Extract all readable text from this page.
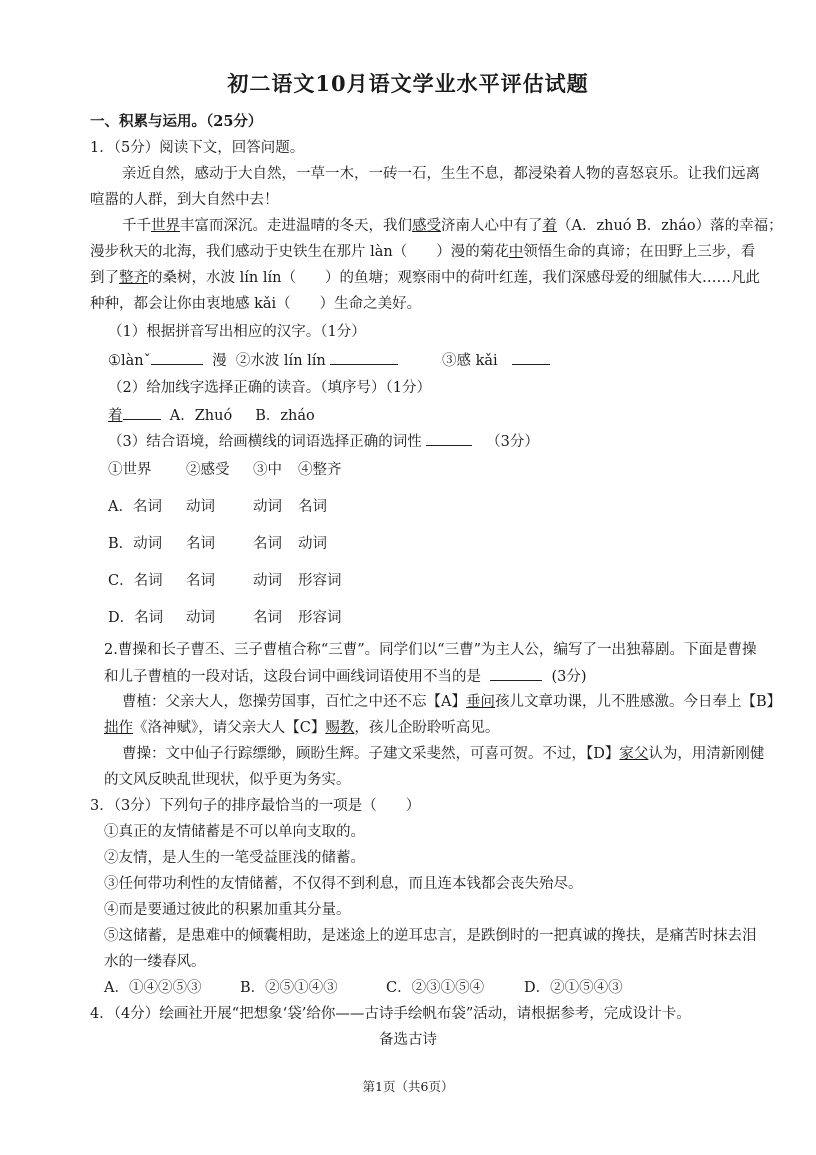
初二语文10月语文学业水平评估试题
一、积累与运用。（25分）
1．（5分）阅读下文，回答问题。
亲近自然，感动于大自然，一草一木，一砖一石，生生不息，都浸染着人物的喜怒哀乐。让我们远离
喧嚣的人群，到大自然中去！
千千世界丰富而深沉。走进温晴的冬天，我们感受济南人心中有了着（A．zhuó B．zháo）落的幸福；
漫步秋天的北海，我们感动于史铁生在那片 làn（　　）漫的菊花中领悟生命的真谛；在田野上三步，看
到了整齐的桑树，水波 lín lín（　　）的鱼塘；观察雨中的荷叶红莲，我们深感母爱的细腻伟大……凡此
种种，都会让你由衷地感 kǎi（　　）生命之美好。
（1）根据拼音写出相应的汉字。（1分）
①lànˇ	漫 ②水波 lín lín	③感 kǎi
（2）给加线字选择正确的读音。（填序号）（1分）
着	A．Zhuó B．zháo
（3）结合语境，给画横线的词语选择正确的词性	（3分）
①世界 ②感受 ③中 ④整齐
A．名词 动词	动词 名词
B．动词 名词	名词 动词
C．名词 名词	动词 形容词
D．名词 动词	名词 形容词
2.曹操和长子曹丕、三子曹植合称“三曹”。同学们以“三曹”为主人公，编写了一出独幕剧。下面是曹操
和儿子曹植的一段对话，这段台词中画线词语使用不当的是	(3分)
曹植：父亲大人，您操劳国事，百忙之中还不忘【A】垂问孩儿文章功课，儿不胜感激。今日奉上【B】
拙作《洛神赋》，请父亲大人【C】赐教，孩儿企盼聆听高见。
曹操：文中仙子行踪缥缈，顾盼生辉。子建文采斐然，可喜可贺。不过，【D】家父认为，用清新刚健
的文风反映乱世现状，似乎更为务实。
3．（3分）下列句子的排序最恰当的一项是（　　）
①真正的友情储蓄是不可以单向支取的。
②友情，是人生的一笔受益匪浅的储蓄。
③任何带功利性的友情储蓄，不仅得不到利息，而且连本钱都会丧失殆尽。
④而是要通过彼此的积累加重其分量。
⑤这储蓄，是患难中的倾囊相助，是迷途上的逆耳忠言，是跌倒时的一把真诚的搀扶，是痛苦时抹去泪
水的一缕春风。
A．①④②⑤③	B．②⑤①④③	C．②③①⑤④	D．②①⑤④③
4．（4分）绘画社开展“把想象‘袋’给你——古诗手绘帆布袋”活动，请根据参考，完成设计卡。
备选古诗
第1页（共6页）
